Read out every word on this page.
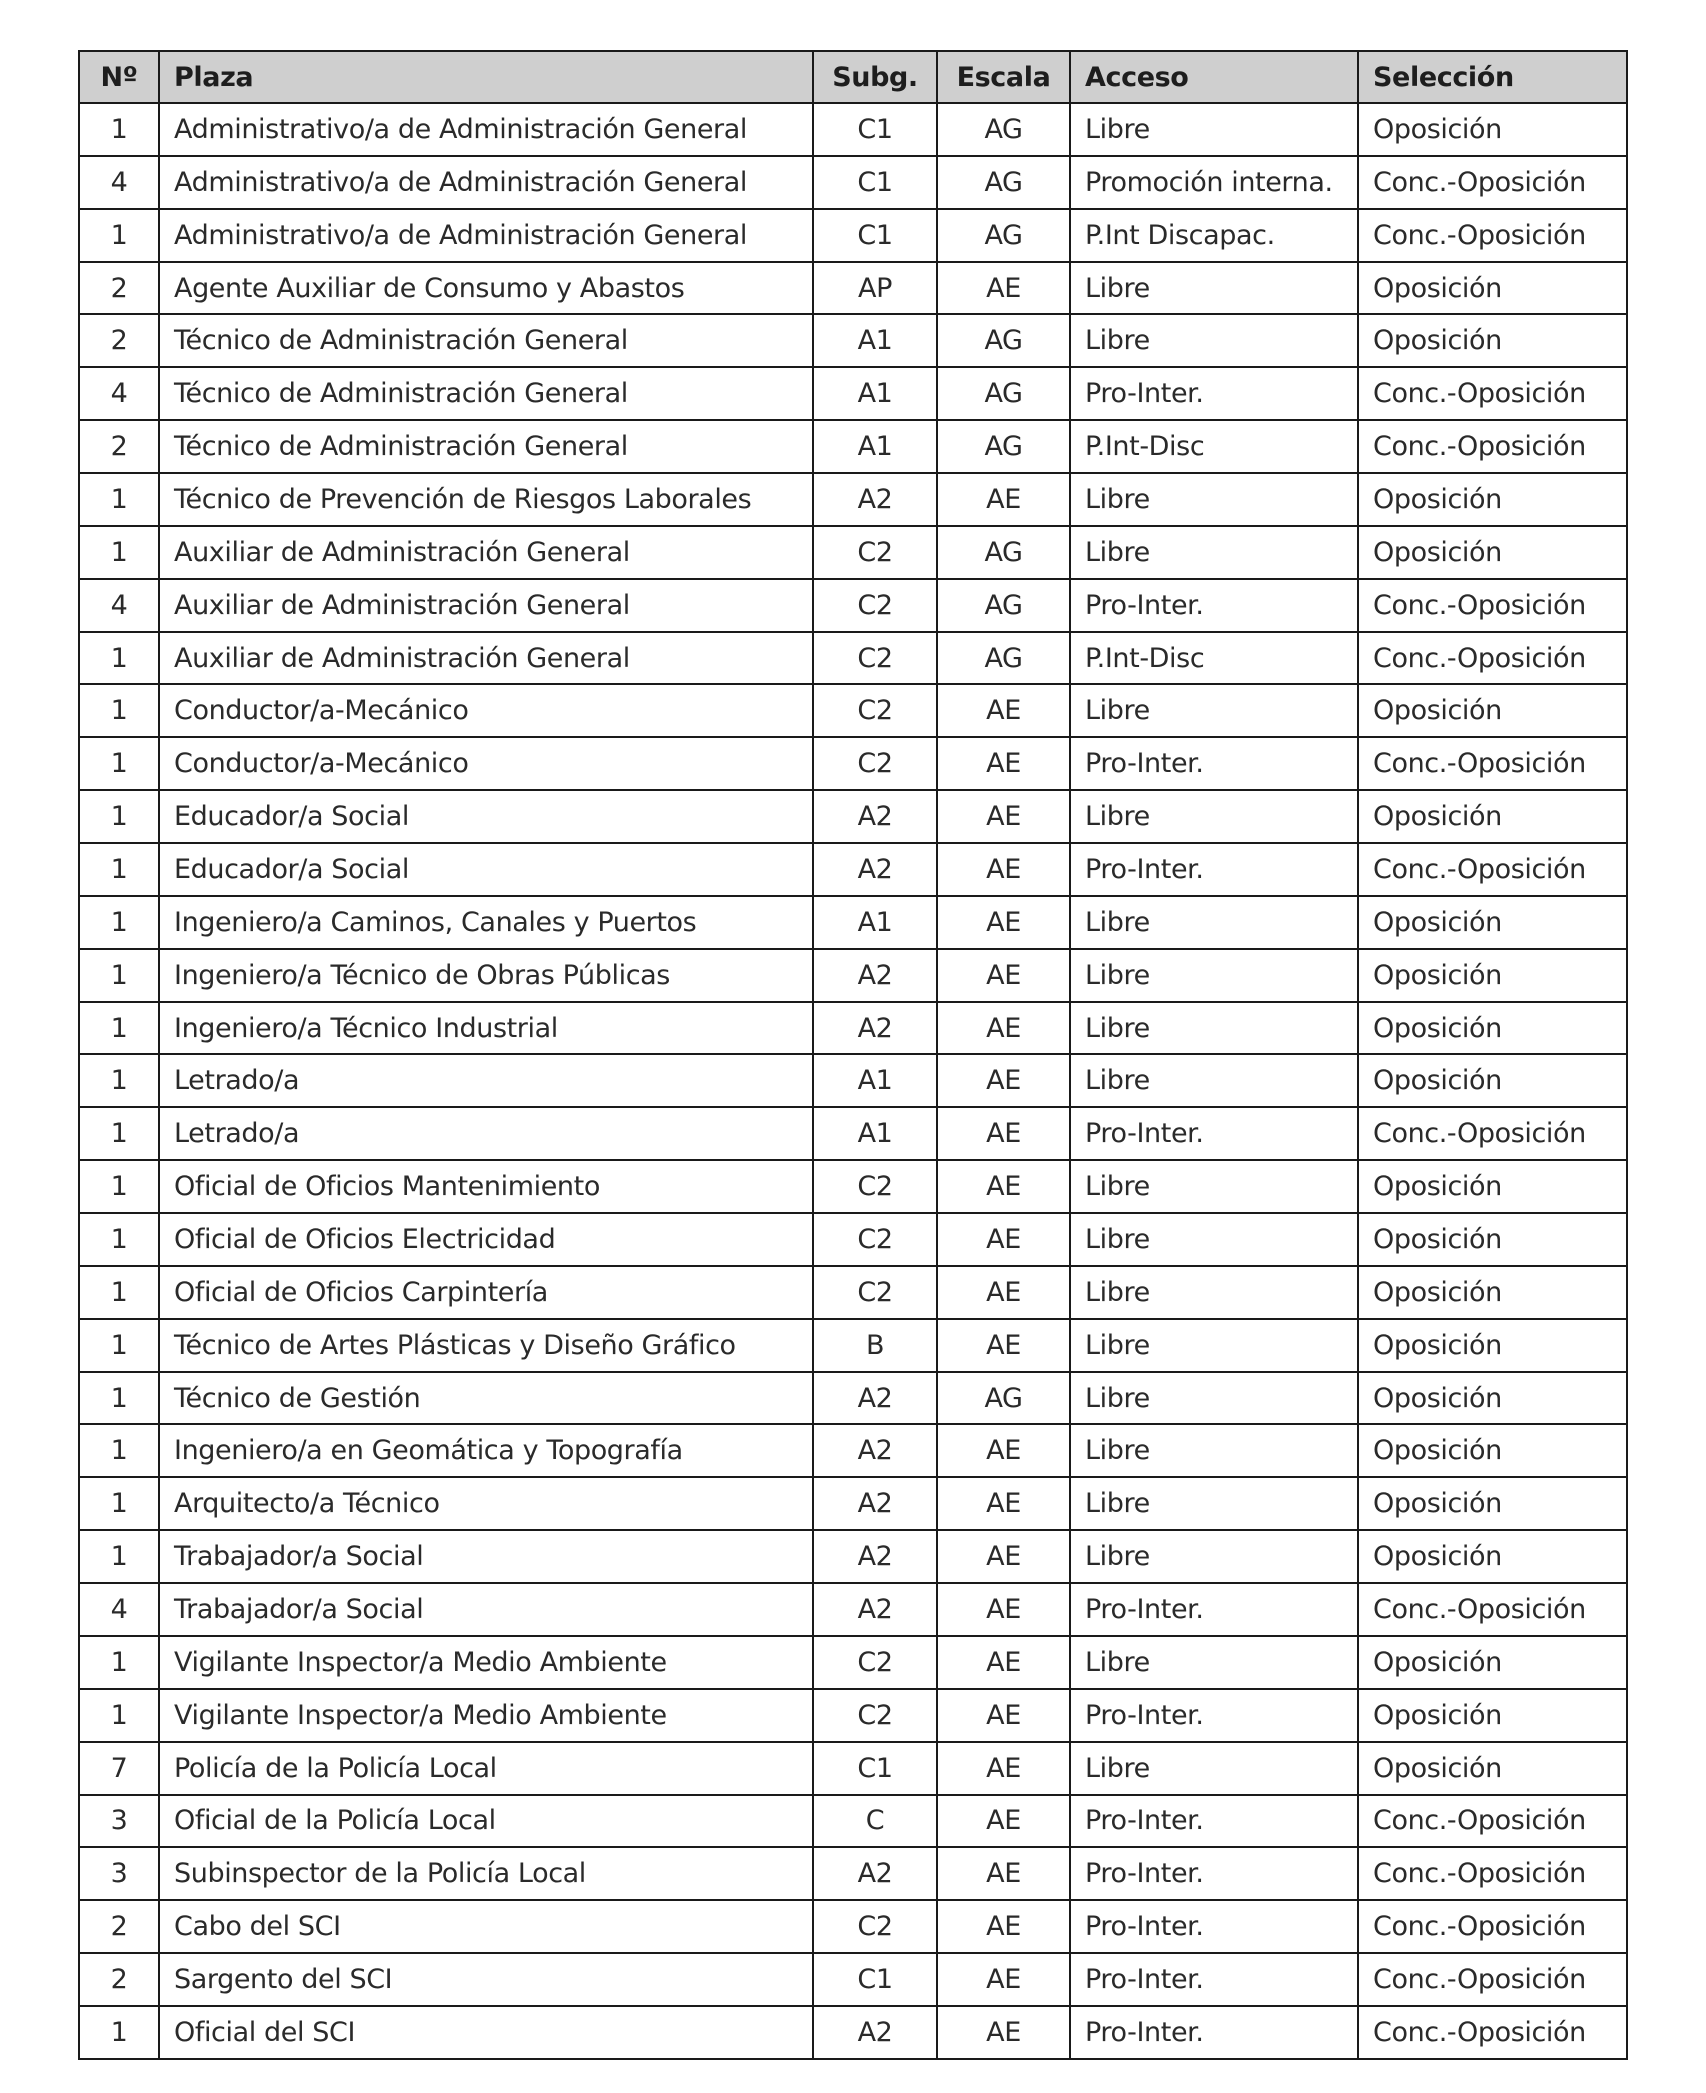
Nº	Plaza	Subg.	Escala	Acceso	Selección
1	Administrativo/a de Administración General	C1	AG	Libre	Oposición
4	Administrativo/a de Administración General	C1	AG	Promoción interna.	Conc.-Oposición
1	Administrativo/a de Administración General	C1	AG	P.Int Discapac.	Conc.-Oposición
2	Agente Auxiliar de Consumo y Abastos	AP	AE	Libre	Oposición
2	Técnico de Administración General	A1	AG	Libre	Oposición
4	Técnico de Administración General	A1	AG	Pro-Inter.	Conc.-Oposición
2	Técnico de Administración General	A1	AG	P.Int-Disc	Conc.-Oposición
1	Técnico de Prevención de Riesgos Laborales	A2	AE	Libre	Oposición
1	Auxiliar de Administración General	C2	AG	Libre	Oposición
4	Auxiliar de Administración General	C2	AG	Pro-Inter.	Conc.-Oposición
1	Auxiliar de Administración General	C2	AG	P.Int-Disc	Conc.-Oposición
1	Conductor/a-Mecánico	C2	AE	Libre	Oposición
1	Conductor/a-Mecánico	C2	AE	Pro-Inter.	Conc.-Oposición
1	Educador/a Social	A2	AE	Libre	Oposición
1	Educador/a Social	A2	AE	Pro-Inter.	Conc.-Oposición
1	Ingeniero/a Caminos, Canales y Puertos	A1	AE	Libre	Oposición
1	Ingeniero/a Técnico de Obras Públicas	A2	AE	Libre	Oposición
1	Ingeniero/a Técnico Industrial	A2	AE	Libre	Oposición
1	Letrado/a	A1	AE	Libre	Oposición
1	Letrado/a	A1	AE	Pro-Inter.	Conc.-Oposición
1	Oficial de Oficios Mantenimiento	C2	AE	Libre	Oposición
1	Oficial de Oficios Electricidad	C2	AE	Libre	Oposición
1	Oficial de Oficios Carpintería	C2	AE	Libre	Oposición
1	Técnico de Artes Plásticas y Diseño Gráfico	B	AE	Libre	Oposición
1	Técnico de Gestión	A2	AG	Libre	Oposición
1	Ingeniero/a en Geomática y Topografía	A2	AE	Libre	Oposición
1	Arquitecto/a Técnico	A2	AE	Libre	Oposición
1	Trabajador/a Social	A2	AE	Libre	Oposición
4	Trabajador/a Social	A2	AE	Pro-Inter.	Conc.-Oposición
1	Vigilante Inspector/a Medio Ambiente	C2	AE	Libre	Oposición
1	Vigilante Inspector/a Medio Ambiente	C2	AE	Pro-Inter.	Oposición
7	Policía de la Policía Local	C1	AE	Libre	Oposición
3	Oficial de la Policía Local	C	AE	Pro-Inter.	Conc.-Oposición
3	Subinspector de la Policía Local	A2	AE	Pro-Inter.	Conc.-Oposición
2	Cabo del SCI	C2	AE	Pro-Inter.	Conc.-Oposición
2	Sargento del SCI	C1	AE	Pro-Inter.	Conc.-Oposición
1	Oficial del SCI	A2	AE	Pro-Inter.	Conc.-Oposición
